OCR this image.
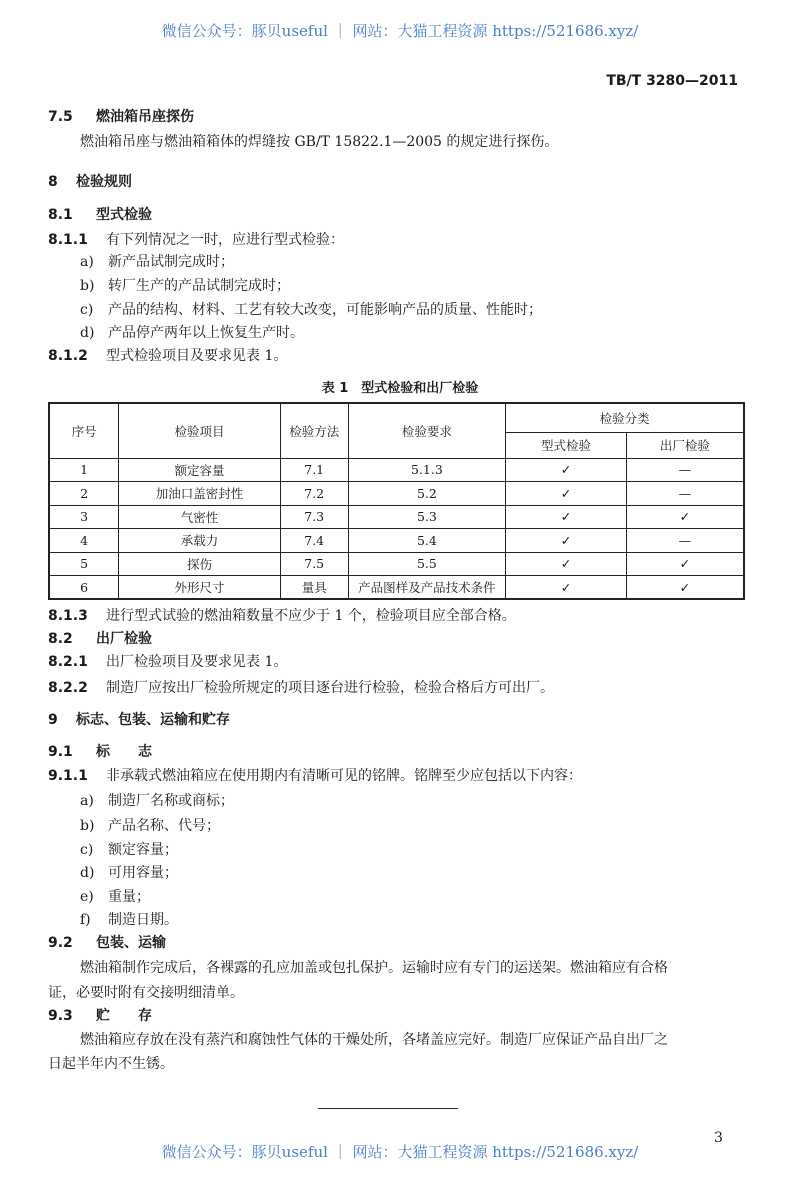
微信公众号：豚贝useful ｜ 网站：大猫工程资源 https://521686.xyz/
TB/T 3280—2011
7.5 燃油箱吊座探伤
燃油箱吊座与燃油箱箱体的焊缝按 GB/T 15822.1—2005 的规定进行探伤。
8 检验规则
8.1 型式检验
8.1.1 有下列情况之一时，应进行型式检验：
a) 新产品试制完成时；
b) 转厂生产的产品试制完成时；
c) 产品的结构、材料、工艺有较大改变，可能影响产品的质量、性能时；
d) 产品停产两年以上恢复生产时。
8.1.2 型式检验项目及要求见表 1。
表 1　型式检验和出厂检验
序号	检验项目	检验方法	检验要求	检验分类	
				型式检验	出厂检验
1	额定容量	7.1	5.1.3	✓	—
2	加油口盖密封性	7.2	5.2	✓	—
3	气密性	7.3	5.3	✓	✓
4	承载力	7.4	5.4	✓	—
5	探伤	7.5	5.5	✓	✓
6	外形尺寸	量具	产品图样及产品技术条件	✓	✓
8.1.3 进行型式试验的燃油箱数量不应少于 1 个，检验项目应全部合格。
8.2 出厂检验
8.2.1 出厂检验项目及要求见表 1。
8.2.2 制造厂应按出厂检验所规定的项目逐台进行检验，检验合格后方可出厂。
9 标志、包装、运输和贮存
9.1 标　　志
9.1.1 非承载式燃油箱应在使用期内有清晰可见的铭牌。铭牌至少应包括以下内容：
a) 制造厂名称或商标；
b) 产品名称、代号；
c) 额定容量；
d) 可用容量；
e) 重量；
f) 制造日期。
9.2 包装、运输
燃油箱制作完成后，各裸露的孔应加盖或包扎保护。运输时应有专门的运送架。燃油箱应有合格
证，必要时附有交接明细清单。
9.3 贮　　存
燃油箱应存放在没有蒸汽和腐蚀性气体的干燥处所，各堵盖应完好。制造厂应保证产品自出厂之
日起半年内不生锈。
3
微信公众号：豚贝useful ｜ 网站：大猫工程资源 https://521686.xyz/
